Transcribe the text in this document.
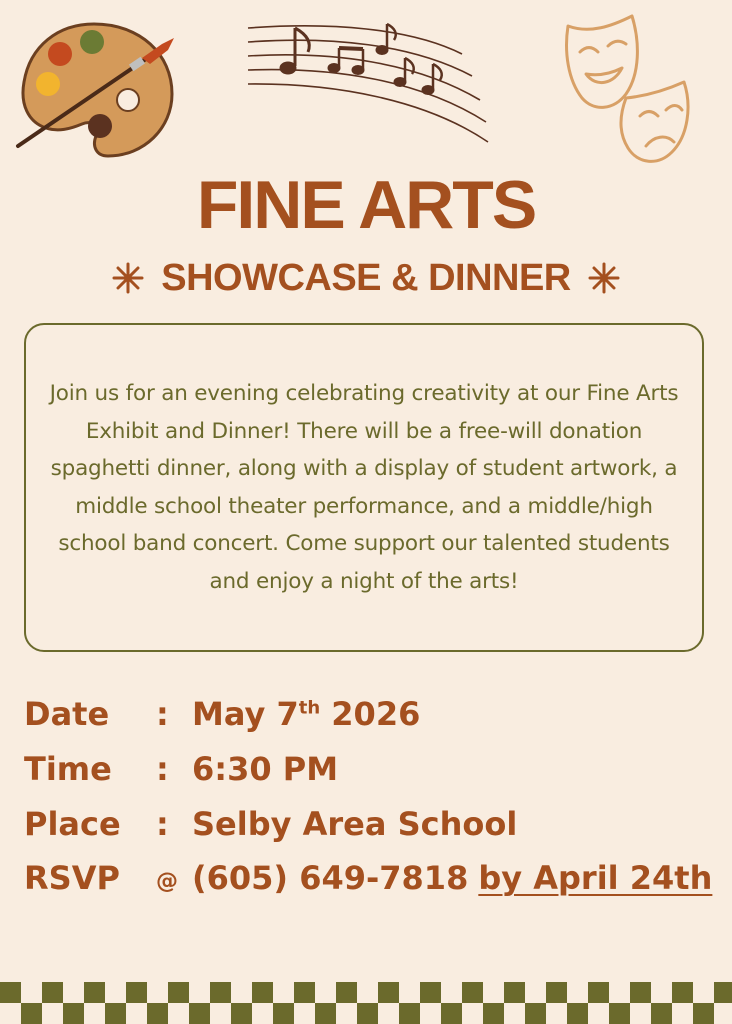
FINE ARTS
SHOWCASE & DINNER

Join us for an evening celebrating creativity at our Fine Arts Exhibit and Dinner! There will be a free-will donation spaghetti dinner, along with a display of student artwork, a middle school theater performance, and a middle/high school band concert. Come support our talented students and enjoy a night of the arts!

Date	: May 7th 2026
Time	: 6:30 PM
Place	: Selby Area School
RSVP	@ (605) 649-7818 by April 24th
